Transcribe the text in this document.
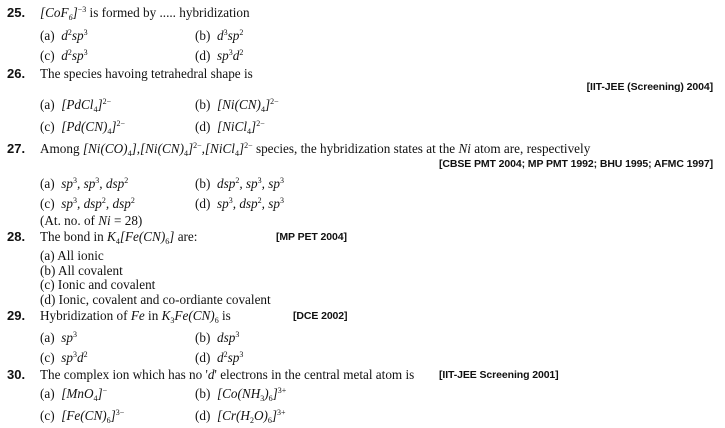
25. $[CoF_6]^{-3}$ is formed by ..... hybridization
(a) $d^2sp^3$	(b) $d^3sp^2$
(c) $d^2sp^3$	(d) $sp^3d^2$
26. The species havoing tetrahedral shape is
[IIT-JEE (Screening) 2004]
(a) [PdCl$_4$]$^{2-}$	(b) $[Ni(CN)_4]^{2-}$
(c) $[Pd(CN)_4]^{2-}$	(d) [NiCl$_4$]$^{2-}$
27. Among $[Ni(CO)_4],[Ni(CN)_4]^{2-},[NiCl_4]^{2-}$ species, the hybridization states at the Ni atom are, respectively
[CBSE PMT 2004; MP PMT 1992; BHU 1995; AFMC 1997]
(a) $sp^3$, $sp^3$, dsp$^2$	(b) dsp$^2$, $sp^3$, $sp^3$
(c) $sp^3$, dsp$^2$, dsp$^2$	(d) $sp^3$, dsp$^2$, $sp^3$
(At. no. of Ni = 28)
28. The bond in $K_4[Fe(CN)_6]$ are:	[MP PET 2004]
(a) All ionic
(b) All covalent
(c) Ionic and covalent
(d) Ionic, covalent and co-ordiante covalent
29. Hybridization of Fe in $K_3Fe(CN)_6$ is	[DCE 2002]
(a) $sp^3$	(b) dsp$^3$
(c) $sp^3d^2$	(d) $d^2sp^3$
30. The complex ion which has no 'd' electrons in the central metal atom is [IIT-JEE Screening 2001]
(a) [MnO$_4$]−	(b) $[Co(NH_3)_6]^{3+}$
(c) $[Fe(CN)_6]^{3-}$	(d) $[Cr(H_2O)_6]^{3+}$
